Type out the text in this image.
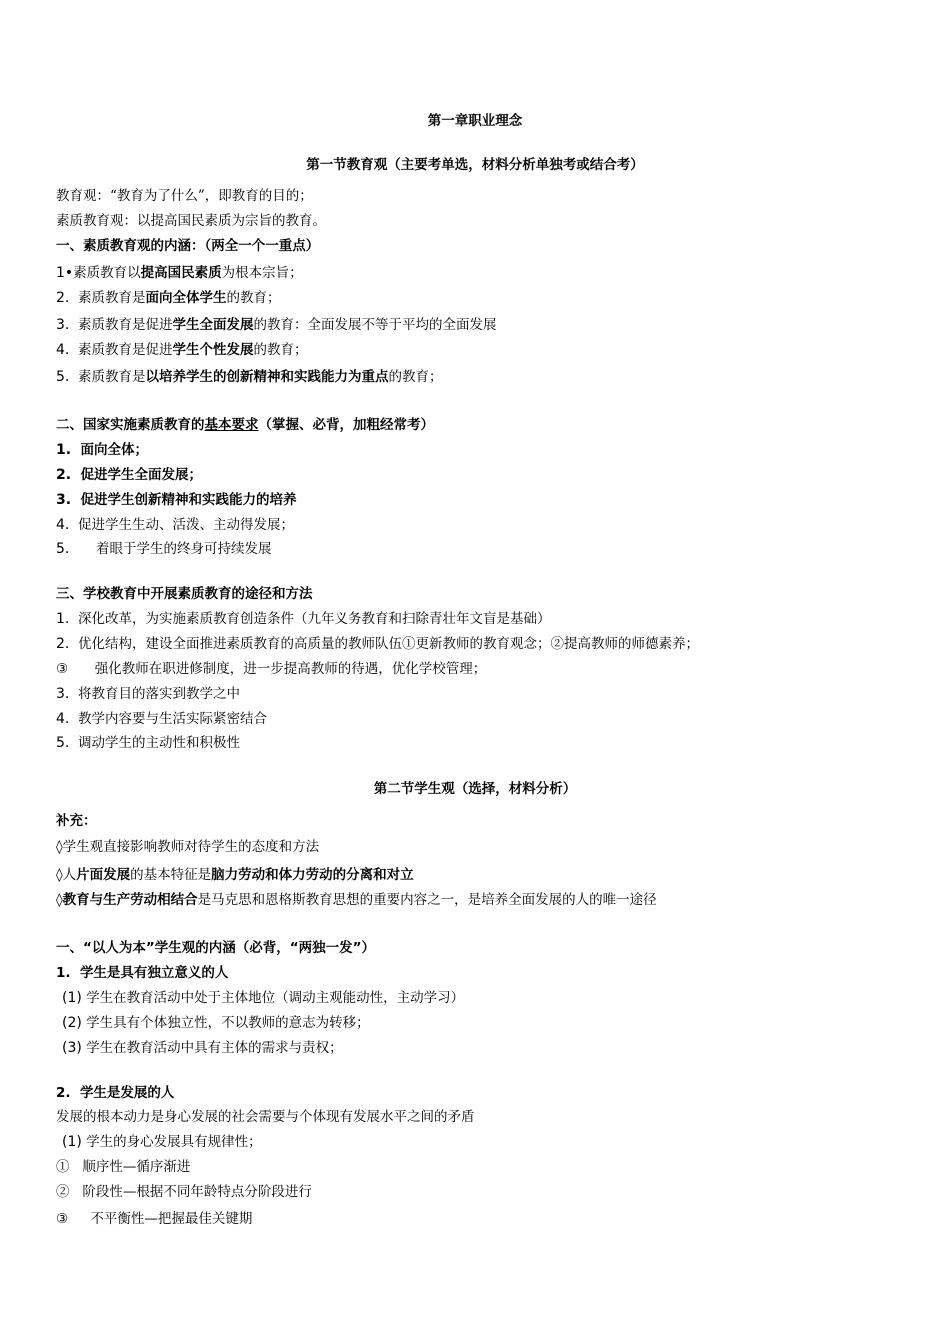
第一章职业理念
第一节教育观（主要考单选，材料分析单独考或结合考）
教育观：“教育为了什么”，即教育的目的；
素质教育观：以提高国民素质为宗旨的教育。
一、素质教育观的内涵：（两全一个一重点）
1•素质教育以提高国民素质为根本宗旨；
2. 素质教育是面向全体学生的教育；
3. 素质教育是促进学生全面发展的教育：全面发展不等于平均的全面发展
4. 素质教育是促进学生个性发展的教育；
5. 素质教育是以培养学生的创新精神和实践能力为重点的教育；
二、国家实施素质教育的基本要求（掌握、必背，加粗经常考）
1. 面向全体；
2. 促进学生全面发展；
3. 促进学生创新精神和实践能力的培养
4. 促进学生生动、活泼、主动得发展；
5. 着眼于学生的终身可持续发展
三、学校教育中开展素质教育的途径和方法
1. 深化改革，为实施素质教育创造条件（九年义务教育和扫除青壮年文盲是基础）
2. 优化结构，建设全面推进素质教育的高质量的教师队伍①更新教师的教育观念；②提高教师的师德素养；
③ 强化教师在职进修制度，进一步提高教师的待遇，优化学校管理；
3. 将教育目的落实到教学之中
4. 教学内容要与生活实际紧密结合
5. 调动学生的主动性和积极性
第二节学生观（选择，材料分析）
补充：
◊学生观直接影响教师对待学生的态度和方法
◊人片面发展的基本特征是脑力劳动和体力劳动的分离和对立
◊教育与生产劳动相结合是马克思和恩格斯教育思想的重要内容之一，是培养全面发展的人的唯一途径
一、“以人为本”学生观的内涵（必背，“两独一发”）
1. 学生是具有独立意义的人
(1) 学生在教育活动中处于主体地位（调动主观能动性，主动学习）
(2) 学生具有个体独立性，不以教师的意志为转移；
(3) 学生在教育活动中具有主体的需求与责权；
2. 学生是发展的人
发展的根本动力是身心发展的社会需要与个体现有发展水平之间的矛盾
(1) 学生的身心发展具有规律性；
① 顺序性—循序渐进
② 阶段性—根据不同年龄特点分阶段进行
③ 不平衡性—把握最佳关键期
